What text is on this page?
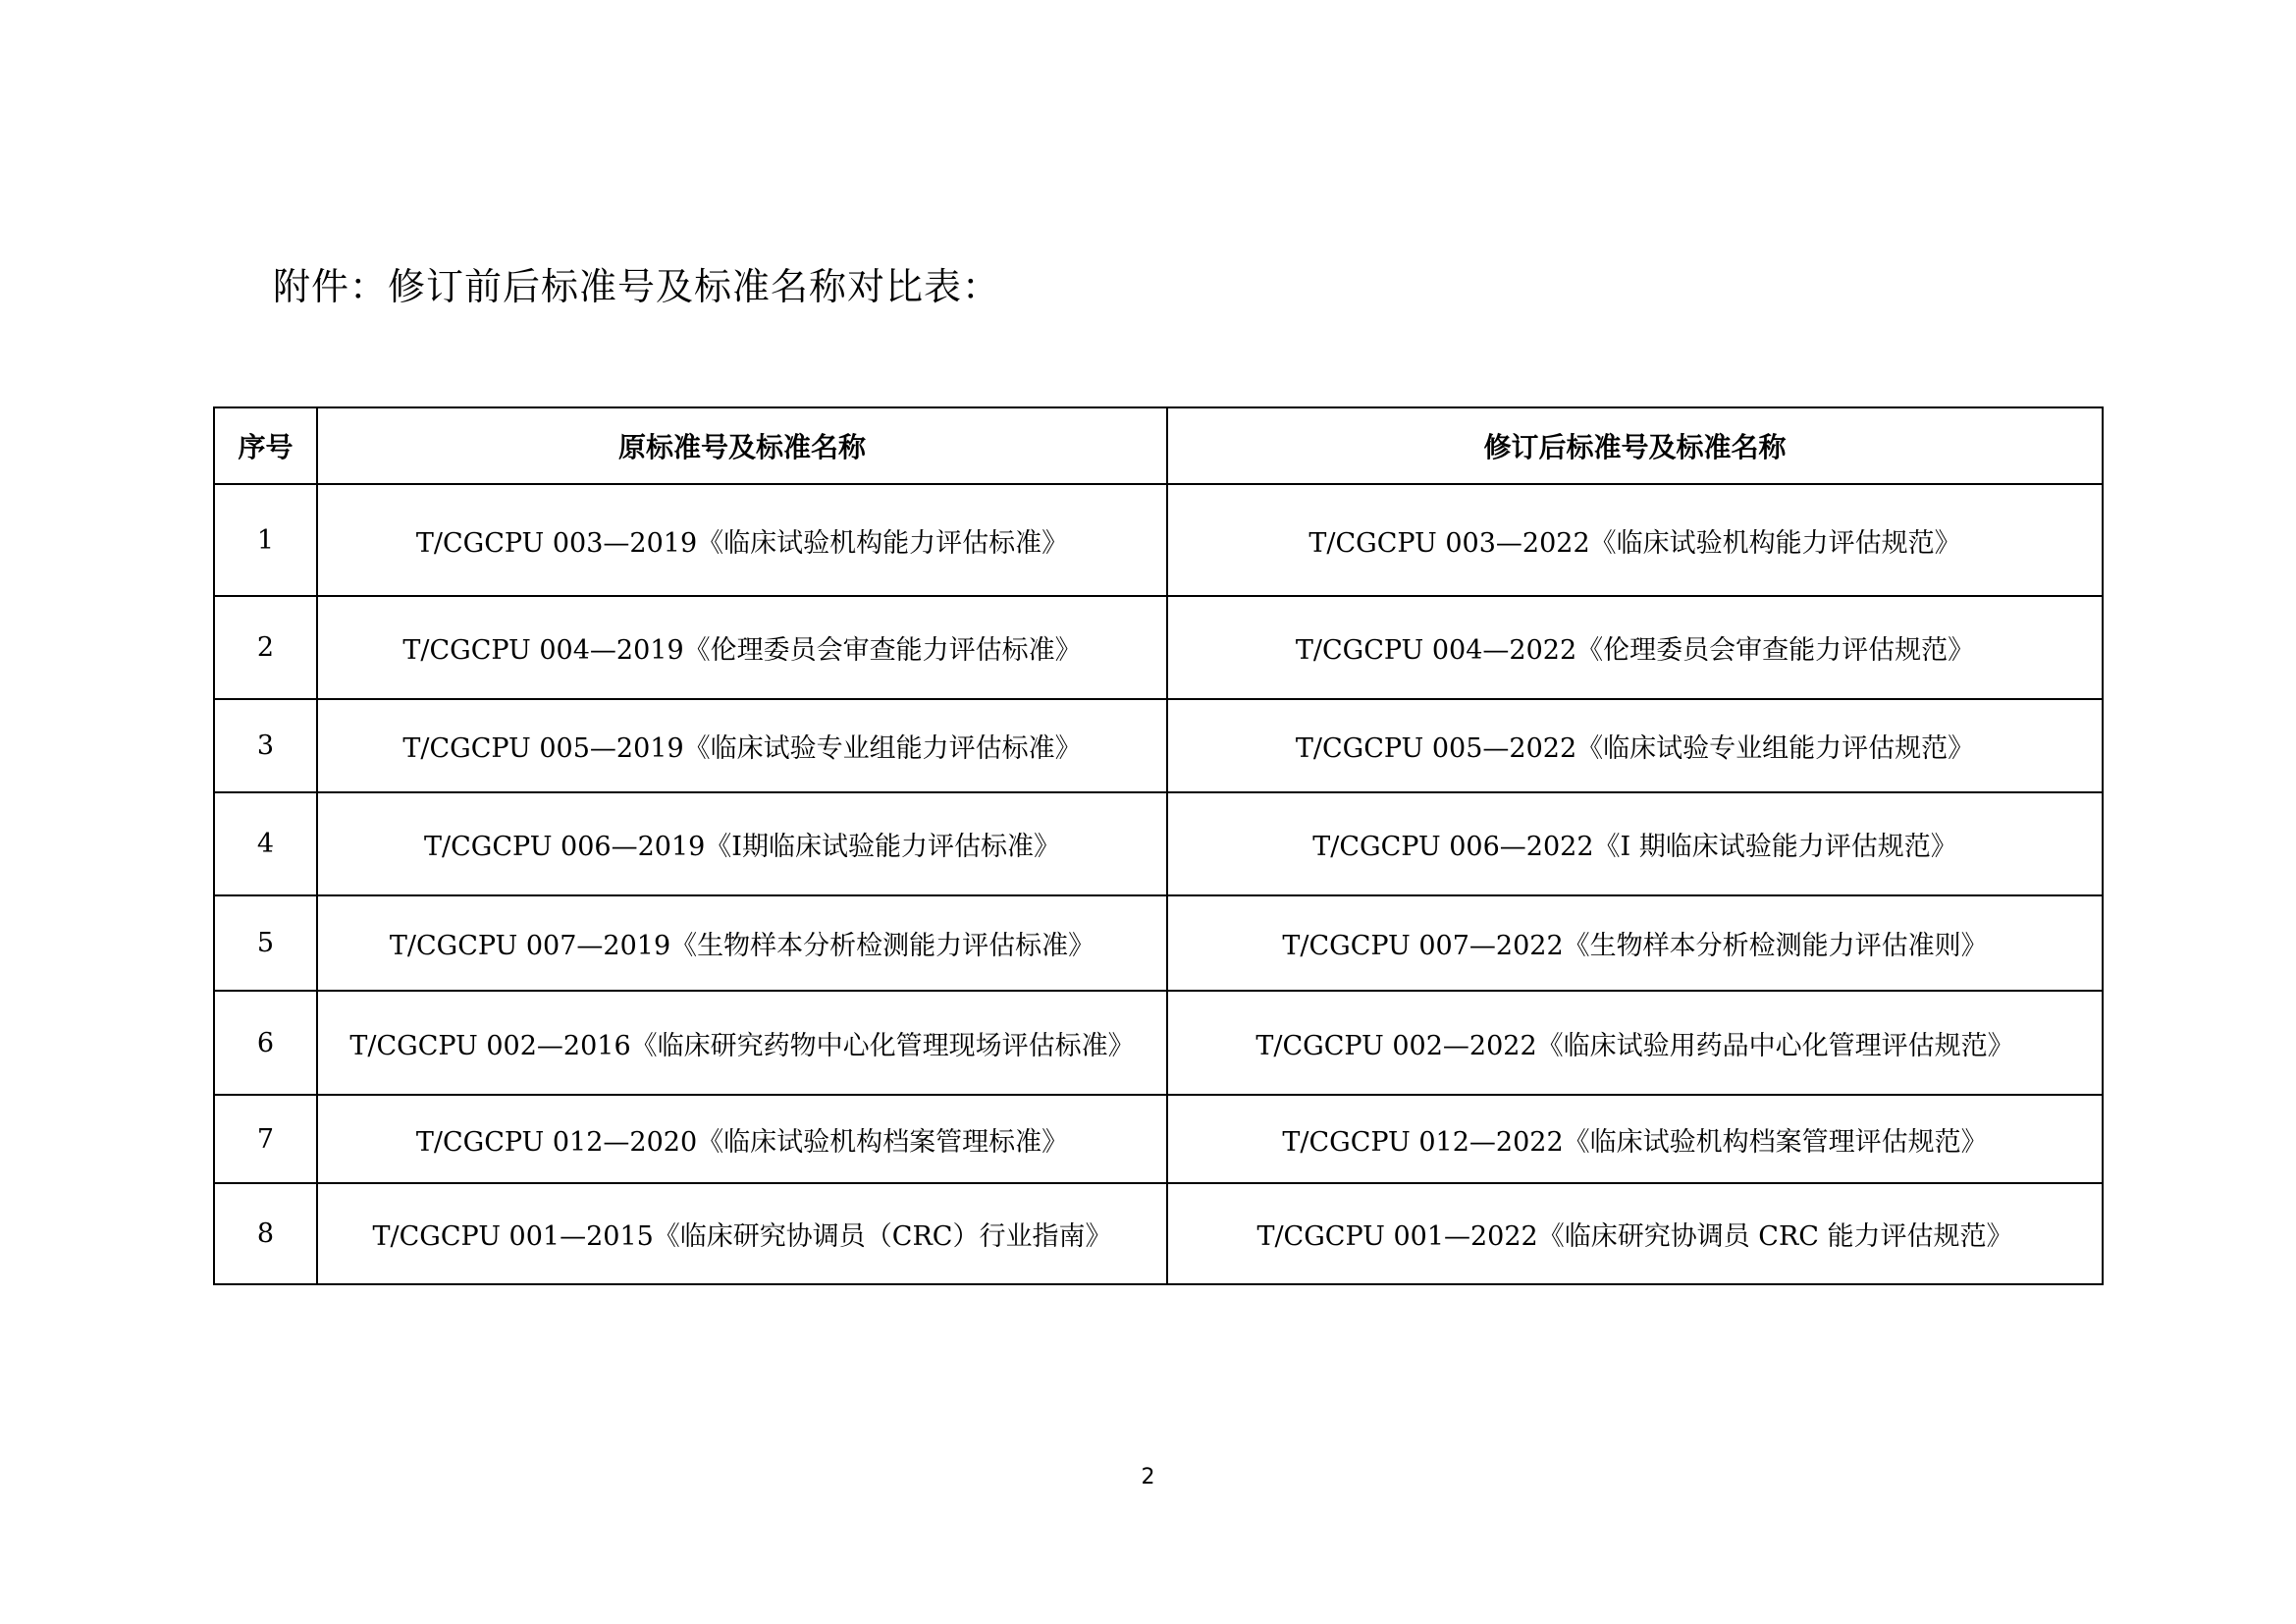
附件：修订前后标准号及标准名称对比表：
序号	原标准号及标准名称	修订后标准号及标准名称
1	T/CGCPU 003—2019《临床试验机构能力评估标准》	T/CGCPU 003—2022《临床试验机构能力评估规范》
2	T/CGCPU 004—2019《伦理委员会审查能力评估标准》	T/CGCPU 004—2022《伦理委员会审查能力评估规范》
3	T/CGCPU 005—2019《临床试验专业组能力评估标准》	T/CGCPU 005—2022《临床试验专业组能力评估规范》
4	T/CGCPU 006—2019《Ⅰ期临床试验能力评估标准》	T/CGCPU 006—2022《I 期临床试验能力评估规范》
5	T/CGCPU 007—2019《生物样本分析检测能力评估标准》	T/CGCPU 007—2022《生物样本分析检测能力评估准则》
6	T/CGCPU 002—2016《临床研究药物中心化管理现场评估标准》	T/CGCPU 002—2022《临床试验用药品中心化管理评估规范》
7	T/CGCPU 012—2020《临床试验机构档案管理标准》	T/CGCPU 012—2022《临床试验机构档案管理评估规范》
8	T/CGCPU 001—2015《临床研究协调员（CRC）行业指南》	T/CGCPU 001—2022《临床研究协调员 CRC 能力评估规范》
2
